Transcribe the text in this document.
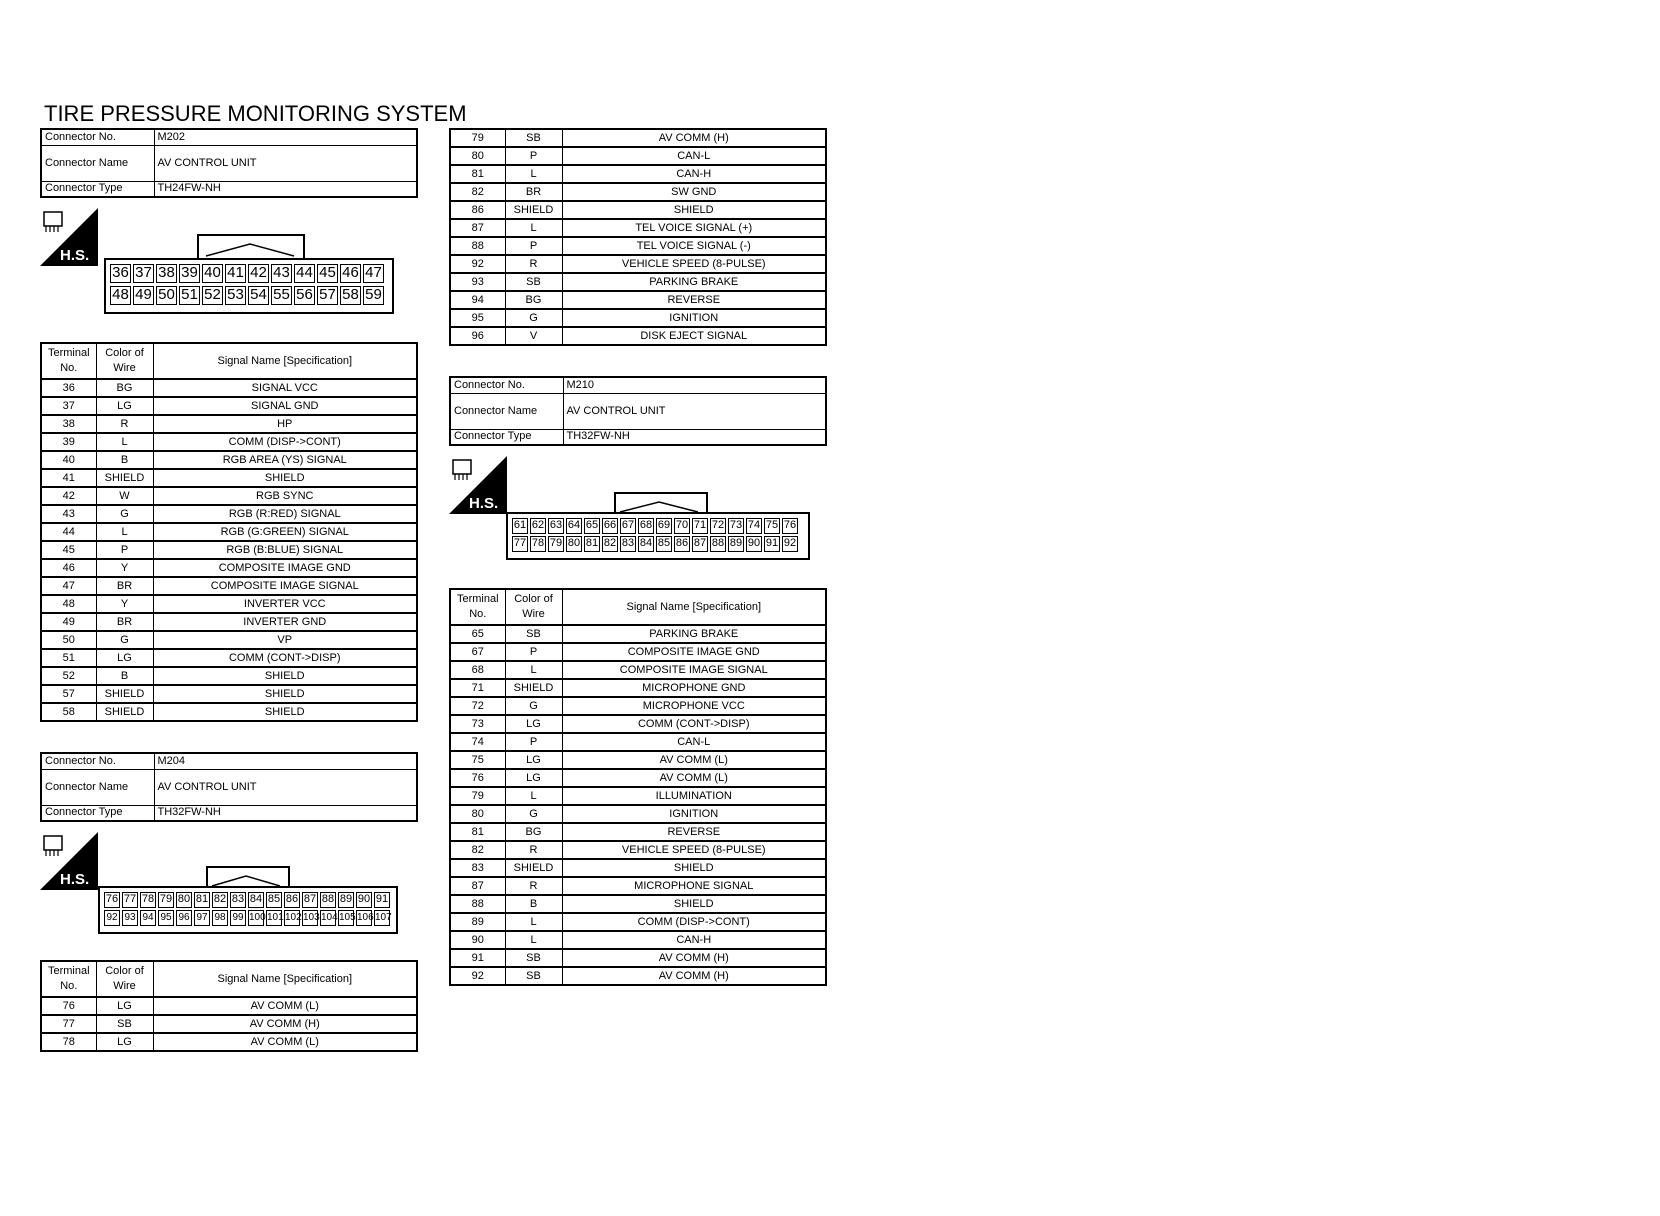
TIRE PRESSURE MONITORING SYSTEM
Connector No.	M202
Connector Name	AV CONTROL UNIT
Connector Type	TH24FW-NH
H.S.
36 37 38 39 40 41 42 43 44 45 46 47
48 49 50 51 52 53 54 55 56 57 58 59
Terminal No.	Color of Wire	Signal Name [Specification]
36	BG	SIGNAL VCC
37	LG	SIGNAL GND
38	R	HP
39	L	COMM (DISP->CONT)
40	B	RGB AREA (YS) SIGNAL
41	SHIELD	SHIELD
42	W	RGB SYNC
43	G	RGB (R:RED) SIGNAL
44	L	RGB (G:GREEN) SIGNAL
45	P	RGB (B:BLUE) SIGNAL
46	Y	COMPOSITE IMAGE GND
47	BR	COMPOSITE IMAGE SIGNAL
48	Y	INVERTER VCC
49	BR	INVERTER GND
50	G	VP
51	LG	COMM (CONT->DISP)
52	B	SHIELD
57	SHIELD	SHIELD
58	SHIELD	SHIELD
Connector No.	M204
Connector Name	AV CONTROL UNIT
Connector Type	TH32FW-NH
H.S.
76 77 78 79 80 81 82 83 84 85 86 87 88 89 90 91
92 93 94 95 96 97 98 99 100 101 102 103 104 105 106 107
Terminal No.	Color of Wire	Signal Name [Specification]
76	LG	AV COMM (L)
77	SB	AV COMM (H)
78	LG	AV COMM (L)
79	SB	AV COMM (H)
80	P	CAN-L
81	L	CAN-H
82	BR	SW GND
86	SHIELD	SHIELD
87	L	TEL VOICE SIGNAL (+)
88	P	TEL VOICE SIGNAL (-)
92	R	VEHICLE SPEED (8-PULSE)
93	SB	PARKING BRAKE
94	BG	REVERSE
95	G	IGNITION
96	V	DISK EJECT SIGNAL
Connector No.	M210
Connector Name	AV CONTROL UNIT
Connector Type	TH32FW-NH
H.S.
61 62 63 64 65 66 67 68 69 70 71 72 73 74 75 76
77 78 79 80 81 82 83 84 85 86 87 88 89 90 91 92
Terminal No.	Color of Wire	Signal Name [Specification]
65	SB	PARKING BRAKE
67	P	COMPOSITE IMAGE GND
68	L	COMPOSITE IMAGE SIGNAL
71	SHIELD	MICROPHONE GND
72	G	MICROPHONE VCC
73	LG	COMM (CONT->DISP)
74	P	CAN-L
75	LG	AV COMM (L)
76	LG	AV COMM (L)
79	L	ILLUMINATION
80	G	IGNITION
81	BG	REVERSE
82	R	VEHICLE SPEED (8-PULSE)
83	SHIELD	SHIELD
87	R	MICROPHONE SIGNAL
88	B	SHIELD
89	L	COMM (DISP->CONT)
90	L	CAN-H
91	SB	AV COMM (H)
92	SB	AV COMM (H)
